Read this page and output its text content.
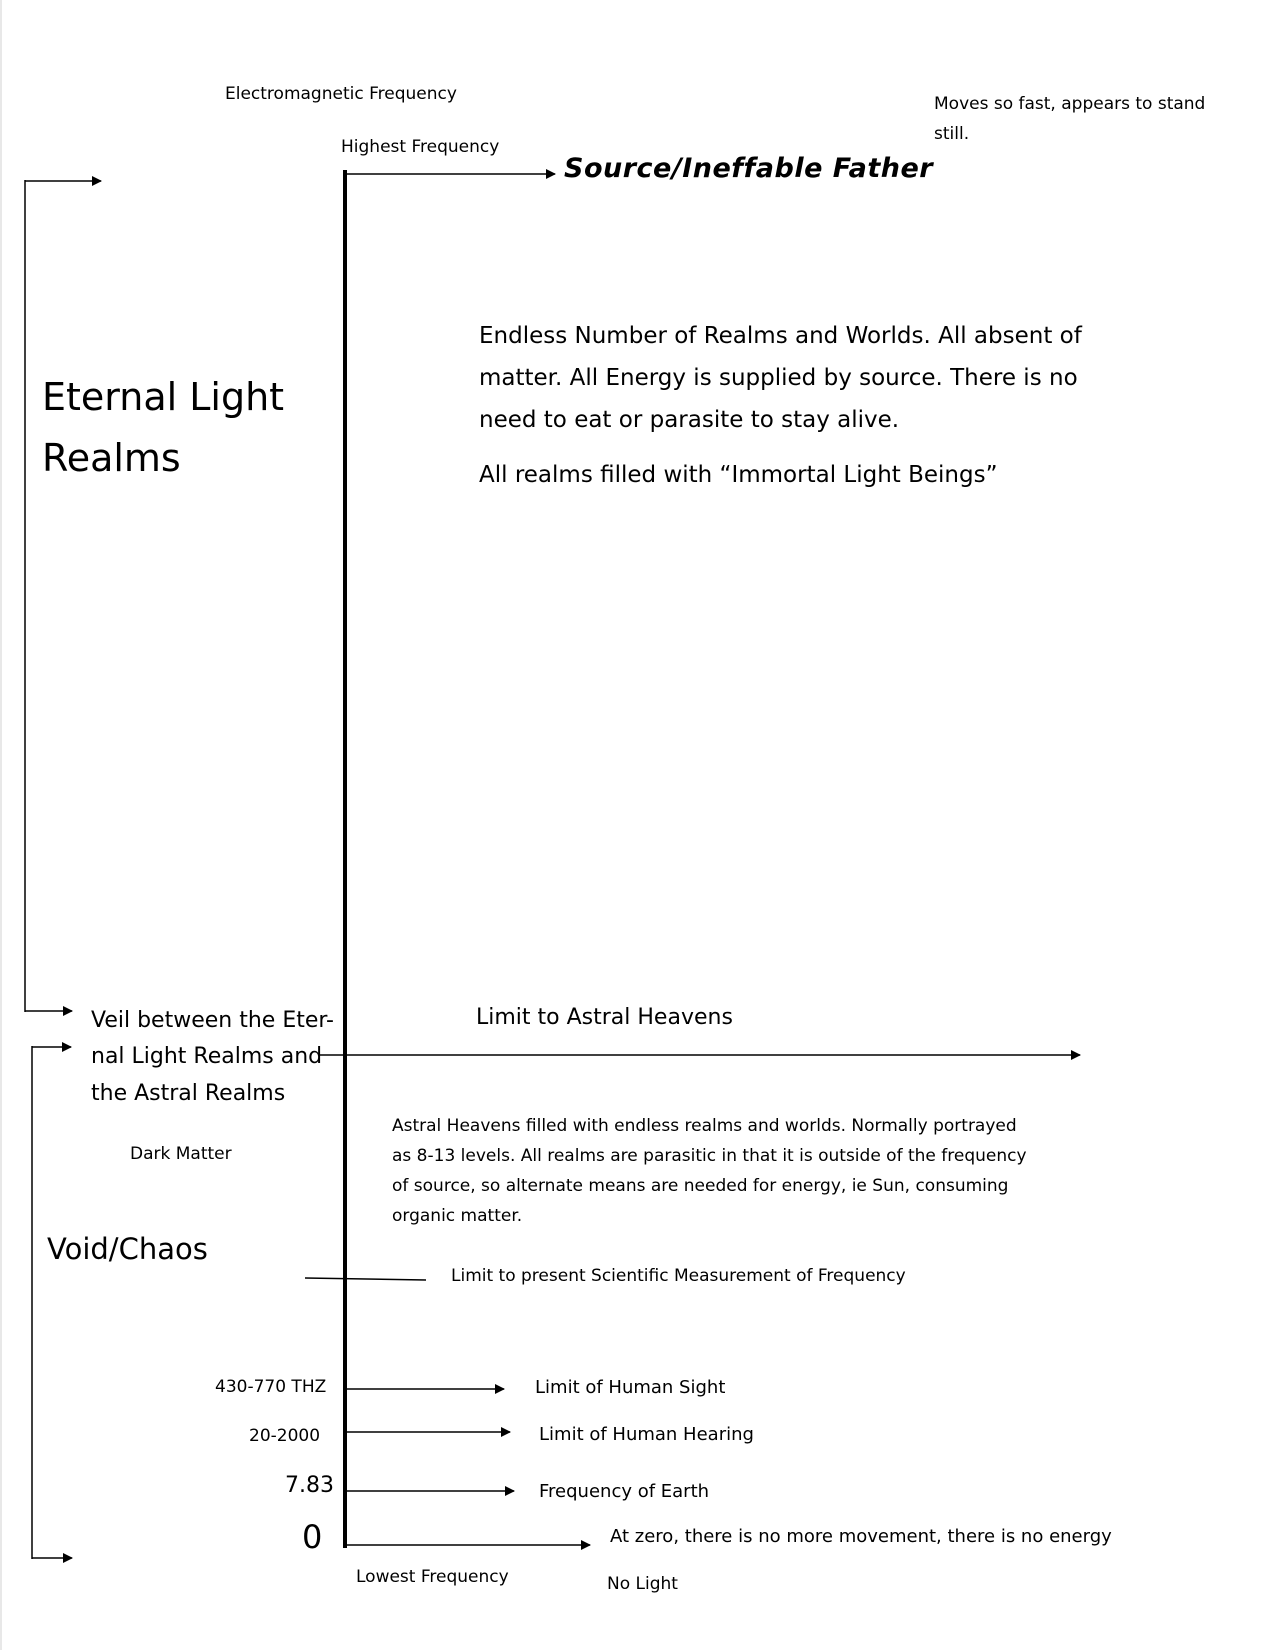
Electromagnetic Frequency	Moves so fast, appears to stand still.
Highest Frequency
Source/Ineffable Father
Eternal Light
Realms
Endless Number of Realms and Worlds. All absent of matter. All Energy is supplied by source. There is no need to eat or parasite to stay alive.
All realms filled with “Immortal Light Beings”
Veil between the Eter-
nal Light Realms and
the Astral Realms
Dark Matter
Limit to Astral Heavens
Astral Heavens filled with endless realms and worlds. Normally portrayed as 8-13 levels. All realms are parasitic in that it is outside of the frequency of source, so alternate means are needed for energy, ie Sun, consuming organic matter.
Void/Chaos
Limit to present Scientific Measurement of Frequency
430-770 THZ
20-2000
7.83
0
Limit of Human Sight
Limit of Human Hearing
Frequency of Earth
At zero, there is no more movement, there is no energy
Lowest Frequency	No Light
